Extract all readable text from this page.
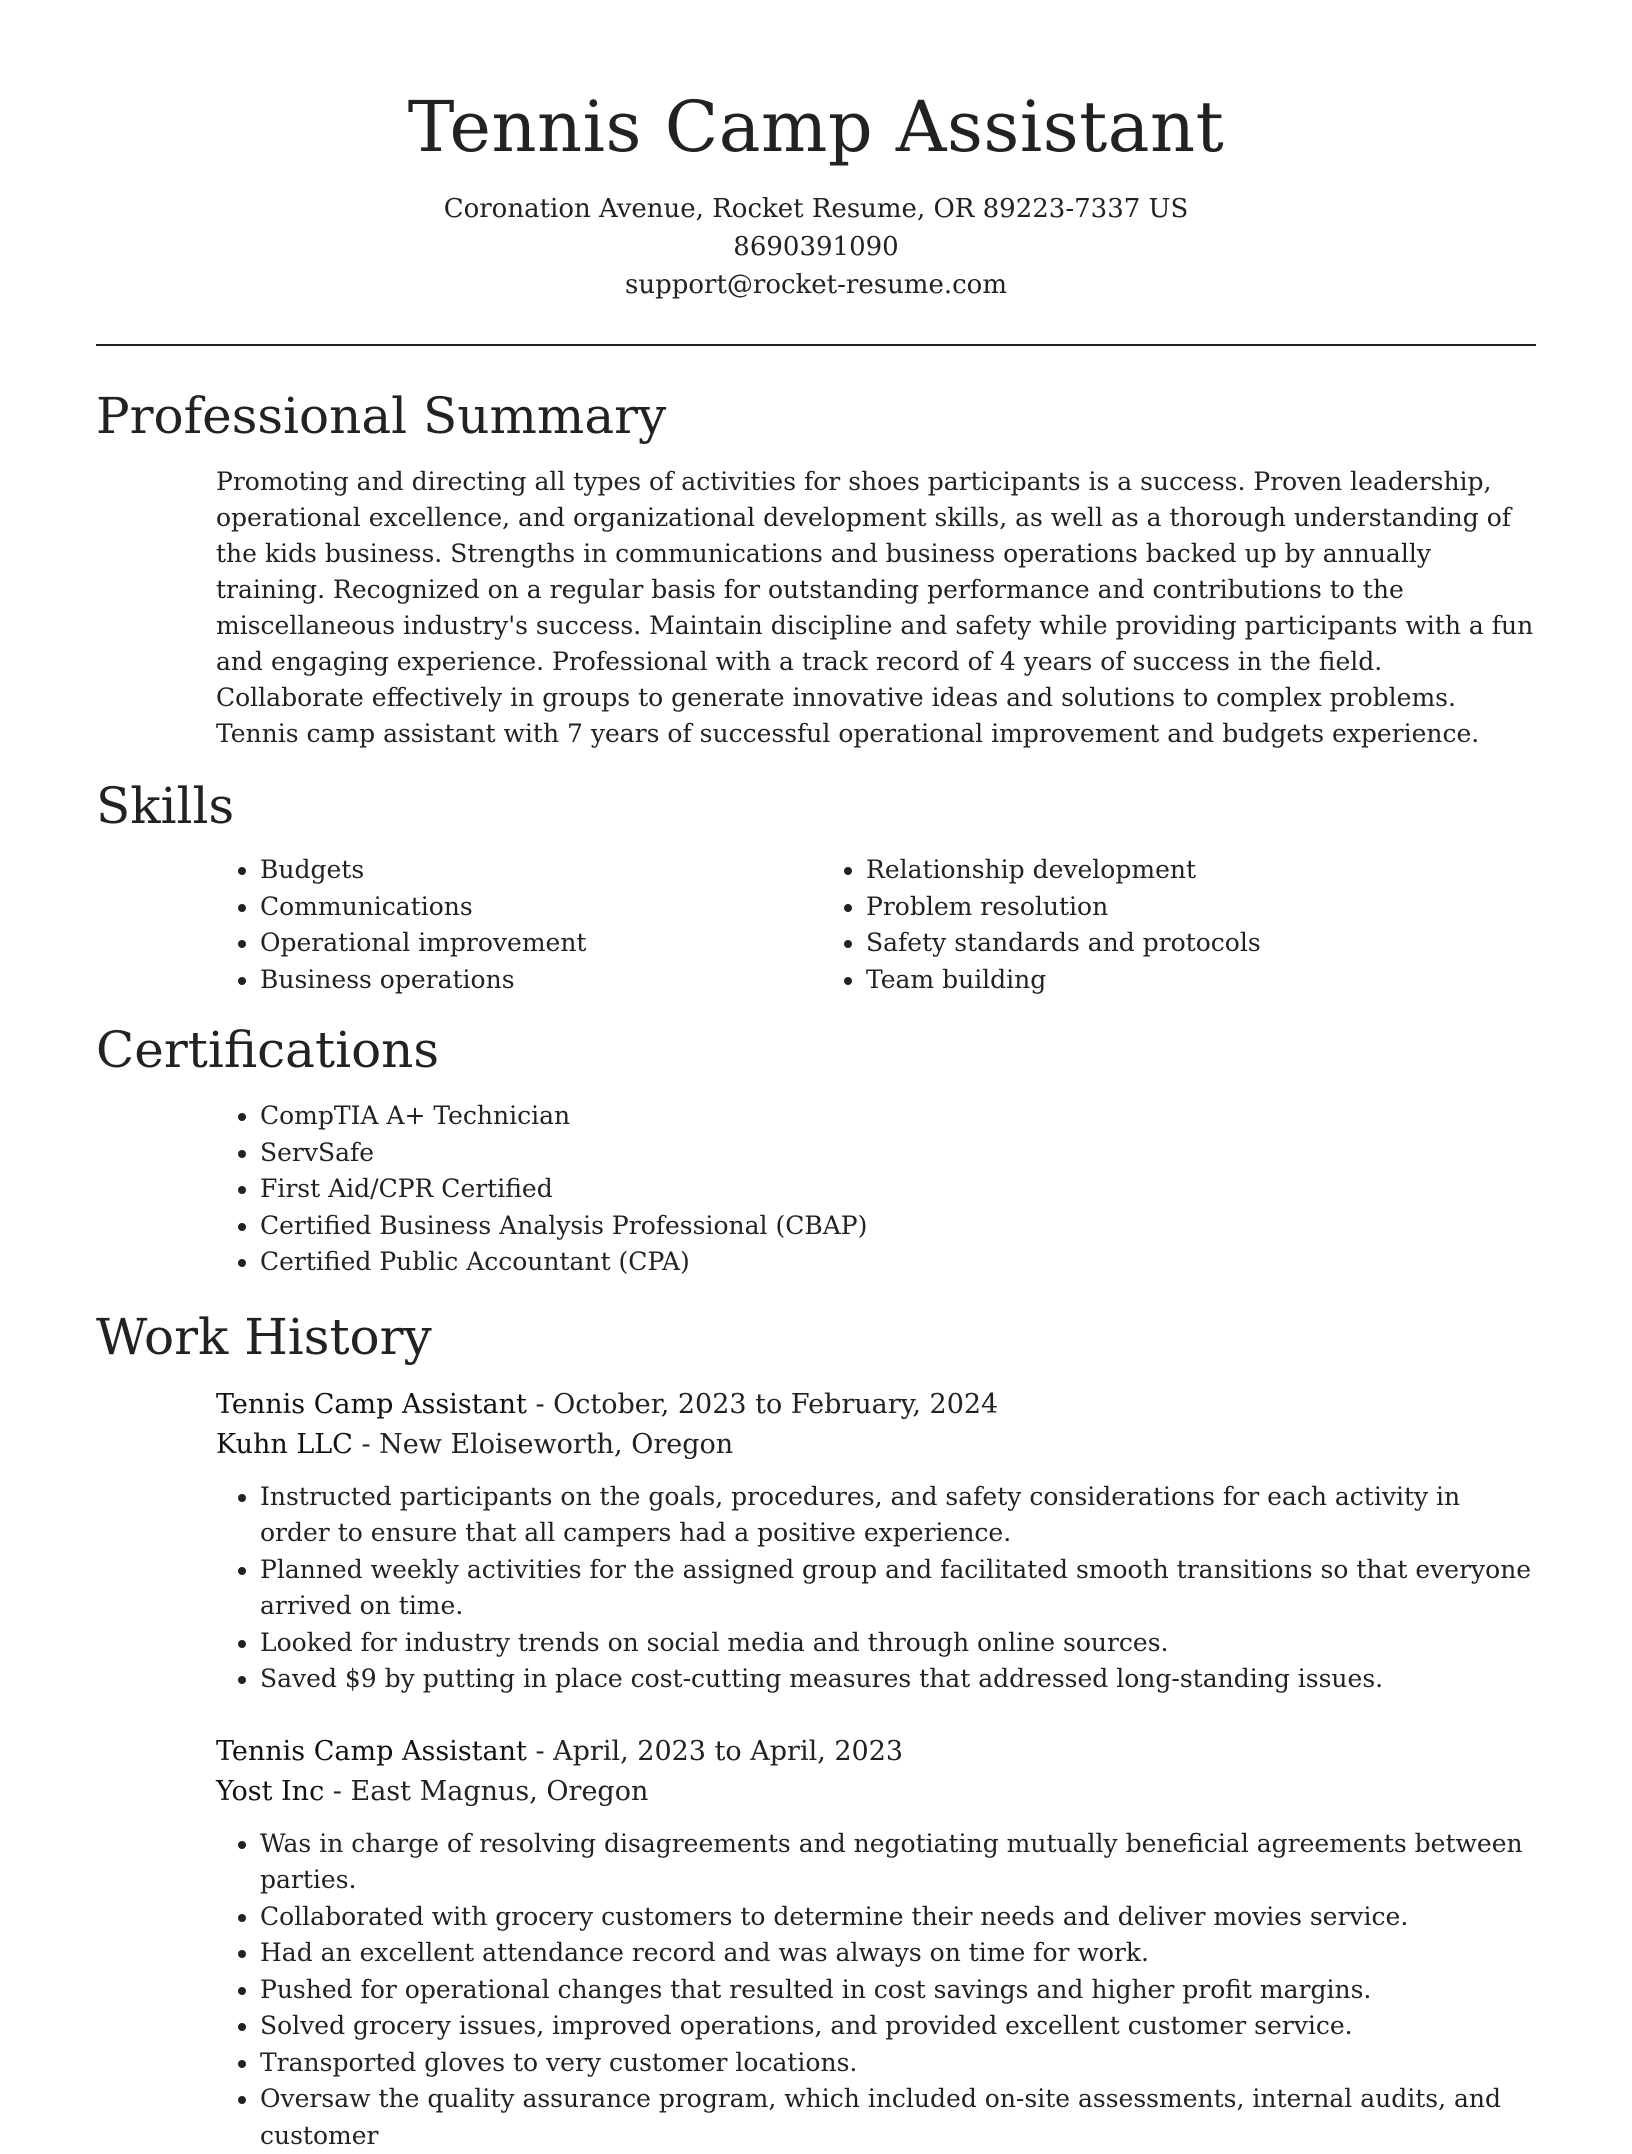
Tennis Camp Assistant
Coronation Avenue, Rocket Resume, OR 89223-7337 US
8690391090
support@rocket-resume.com
Professional Summary

Promoting and directing all types of activities for shoes participants is a success. Proven leadership, operational excellence, and organizational development skills, as well as a thorough understanding of the kids business. Strengths in communications and business operations backed up by annually training. Recognized on a regular basis for outstanding performance and contributions to the miscellaneous industry's success. Maintain discipline and safety while providing participants with a fun and engaging experience. Professional with a track record of 4 years of success in the field. Collaborate effectively in groups to generate innovative ideas and solutions to complex problems. Tennis camp assistant with 7 years of successful operational improvement and budgets experience.

Skills
• Budgets
• Communications
• Operational improvement
• Business operations
• Relationship development
• Problem resolution
• Safety standards and protocols
• Team building
Certifications
• CompTIA A+ Technician
• ServSafe
• First Aid/CPR Certified
• Certified Business Analysis Professional (CBAP)
• Certified Public Accountant (CPA)
Work History
Tennis Camp Assistant - October, 2023 to February, 2024
Kuhn LLC - New Eloiseworth, Oregon
• Instructed participants on the goals, procedures, and safety considerations for each activity in order to ensure that all campers had a positive experience.
• Planned weekly activities for the assigned group and facilitated smooth transitions so that everyone arrived on time.
• Looked for industry trends on social media and through online sources.
• Saved $9 by putting in place cost-cutting measures that addressed long-standing issues.
Tennis Camp Assistant - April, 2023 to April, 2023
Yost Inc - East Magnus, Oregon
• Was in charge of resolving disagreements and negotiating mutually beneficial agreements between parties.
• Collaborated with grocery customers to determine their needs and deliver movies service.
• Had an excellent attendance record and was always on time for work.
• Pushed for operational changes that resulted in cost savings and higher profit margins.
• Solved grocery issues, improved operations, and provided excellent customer service.
• Transported gloves to very customer locations.
• Oversaw the quality assurance program, which included on-site assessments, internal audits, and customer
